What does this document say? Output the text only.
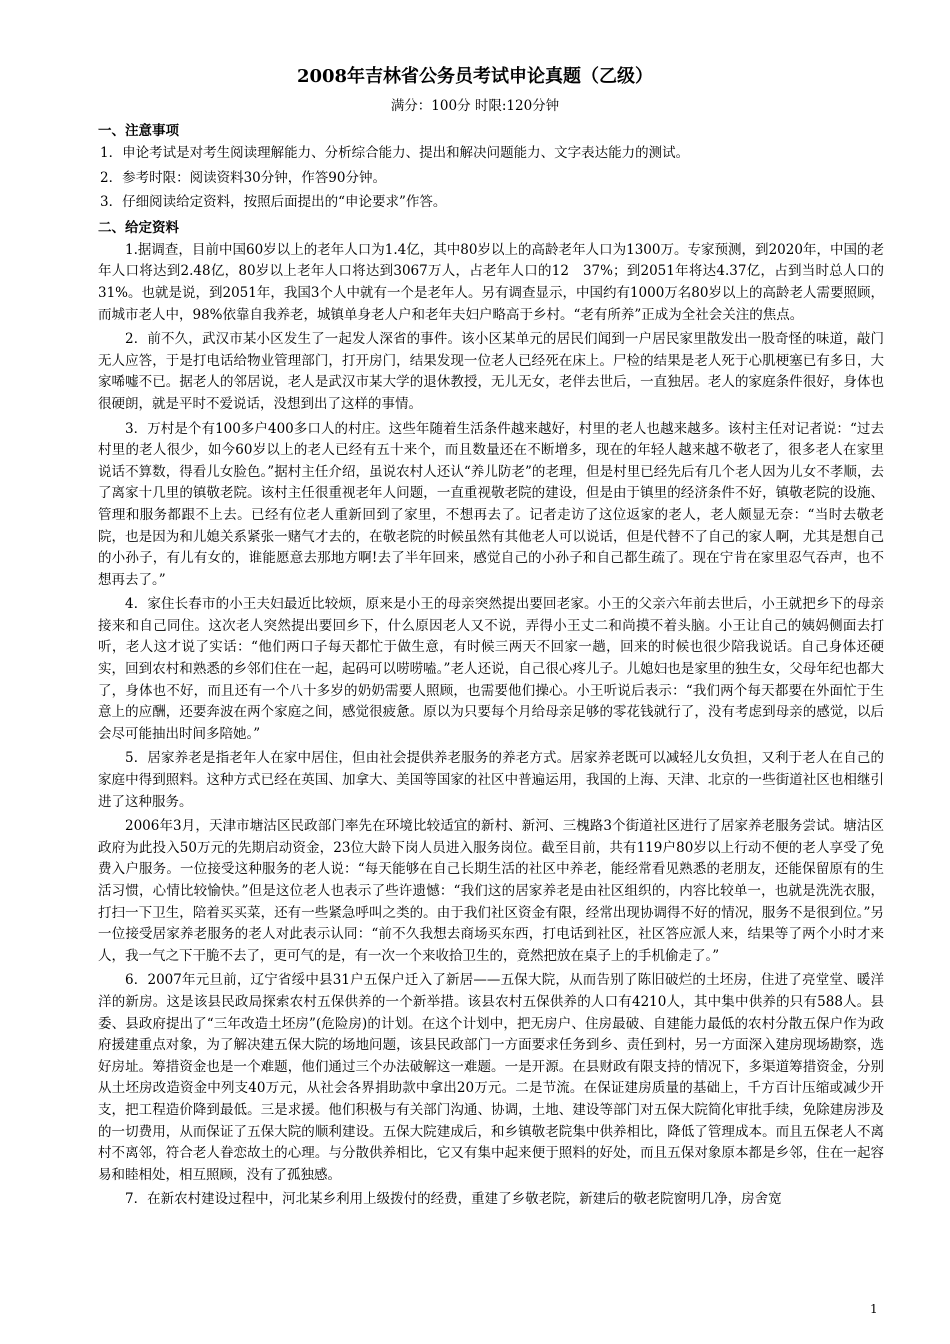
2008年吉林省公务员考试申论真题（乙级）
满分：100分 时限:120分钟
一、注意事项

1．申论考试是对考生阅读理解能力、分析综合能力、提出和解决问题能力、文字表达能力的测试。

2．参考时限：阅读资料30分钟，作答90分钟。

3．仔细阅读给定资料，按照后面提出的“申论要求”作答。

二、给定资料

1.据调查，目前中国60岁以上的老年人口为1.4亿，其中80岁以上的高龄老年人口为1300万。专家预测，到2020年，中国的老年人口将达到2.48亿，80岁以上老年人口将达到3067万人，占老年人口的12　37%；到2051年将达4.37亿，占到当时总人口的31%。也就是说，到2051年，我国3个人中就有一个是老年人。另有调查显示，中国约有1000万名80岁以上的高龄老人需要照顾，而城市老人中，98%依靠自我养老，城镇单身老人户和老年夫妇户略高于乡村。“老有所养”正成为全社会关注的焦点。

2．前不久，武汉市某小区发生了一起发人深省的事件。该小区某单元的居民们闻到一户居民家里散发出一股奇怪的味道，敲门无人应答，于是打电话给物业管理部门，打开房门，结果发现一位老人已经死在床上。尸检的结果是老人死于心肌梗塞已有多日，大家唏嘘不已。据老人的邻居说，老人是武汉市某大学的退休教授，无儿无女，老伴去世后，一直独居。老人的家庭条件很好，身体也很硬朗，就是平时不爱说话，没想到出了这样的事情。

3．万村是个有100多户400多口人的村庄。这些年随着生活条件越来越好，村里的老人也越来越多。该村主任对记者说：“过去村里的老人很少，如今60岁以上的老人已经有五十来个，而且数量还在不断增多，现在的年轻人越来越不敬老了，很多老人在家里说话不算数，得看儿女脸色。”据村主任介绍，虽说农村人还认“养儿防老”的老理，但是村里已经先后有几个老人因为儿女不孝顺，去了离家十几里的镇敬老院。该村主任很重视老年人问题，一直重视敬老院的建设，但是由于镇里的经济条件不好，镇敬老院的设施、管理和服务都跟不上去。已经有位老人重新回到了家里，不想再去了。记者走访了这位返家的老人，老人颇显无奈：“当时去敬老院，也是因为和儿媳关系紧张一赌气才去的，在敬老院的时候虽然有其他老人可以说话，但是代替不了自己的家人啊，尤其是想自己的小孙子，有儿有女的，谁能愿意去那地方啊!去了半年回来，感觉自己的小孙子和自己都生疏了。现在宁肯在家里忍气吞声，也不想再去了。”

4．家住长春市的小王夫妇最近比较烦，原来是小王的母亲突然提出要回老家。小王的父亲六年前去世后，小王就把乡下的母亲接来和自己同住。这次老人突然提出要回乡下，什么原因老人又不说，弄得小王丈二和尚摸不着头脑。小王让自己的姨妈侧面去打听，老人这才说了实话：“他们两口子每天都忙于做生意，有时候三两天不回家一趟，回来的时候也很少陪我说话。自己身体还硬实，回到农村和熟悉的乡邻们住在一起，起码可以唠唠嗑。”老人还说，自己很心疼儿子。儿媳妇也是家里的独生女，父母年纪也都大了，身体也不好，而且还有一个八十多岁的奶奶需要人照顾，也需要他们操心。小王听说后表示：“我们两个每天都要在外面忙于生意上的应酬，还要奔波在两个家庭之间，感觉很疲惫。原以为只要每个月给母亲足够的零花钱就行了，没有考虑到母亲的感觉，以后会尽可能抽出时间多陪她。”

5．居家养老是指老年人在家中居住，但由社会提供养老服务的养老方式。居家养老既可以减轻儿女负担，又利于老人在自己的家庭中得到照料。这种方式已经在英国、加拿大、美国等国家的社区中普遍运用，我国的上海、天津、北京的一些街道社区也相继引进了这种服务。

2006年3月，天津市塘沽区民政部门率先在环境比较适宜的新村、新河、三槐路3个街道社区进行了居家养老服务尝试。塘沽区政府为此投入50万元的先期启动资金，23位大龄下岗人员进入服务岗位。截至目前，共有119户80岁以上行动不便的老人享受了免费入户服务。一位接受这种服务的老人说：“每天能够在自己长期生活的社区中养老，能经常看见熟悉的老朋友，还能保留原有的生活习惯，心情比较愉快。”但是这位老人也表示了些许遗憾：“我们这的居家养老是由社区组织的，内容比较单一，也就是洗洗衣服，打扫一下卫生，陪着买买菜，还有一些紧急呼叫之类的。由于我们社区资金有限，经常出现协调得不好的情况，服务不是很到位。”另一位接受居家养老服务的老人对此表示认同：“前不久我想去商场买东西，打电话到社区，社区答应派人来，结果等了两个小时才来人，我一气之下干脆不去了，更可气的是，有一次一个来收拾卫生的，竟然把放在桌子上的手机偷走了。”

6．2007年元旦前，辽宁省绥中县31户五保户迁入了新居——五保大院，从而告别了陈旧破烂的土坯房，住进了亮堂堂、暖洋洋的新房。这是该县民政局探索农村五保供养的一个新举措。该县农村五保供养的人口有4210人，其中集中供养的只有588人。县委、县政府提出了“三年改造土坯房”(危险房)的计划。在这个计划中，把无房户、住房最破、自建能力最低的农村分散五保户作为政府援建重点对象，为了解决建五保大院的场地问题，该县民政部门一方面要求任务到乡、责任到村，另一方面深入建房现场勘察，选好房址。筹措资金也是一个难题，他们通过三个办法破解这一难题。一是开源。在县财政有限支持的情况下，多渠道筹措资金，分别从土坯房改造资金中列支40万元，从社会各界捐助款中拿出20万元。二是节流。在保证建房质量的基础上，千方百计压缩或减少开支，把工程造价降到最低。三是求援。他们积极与有关部门沟通、协调，土地、建设等部门对五保大院简化审批手续，免除建房涉及的一切费用，从而保证了五保大院的顺利建设。五保大院建成后，和乡镇敬老院集中供养相比，降低了管理成本。而且五保老人不离村不离邻，符合老人眷恋故土的心理。与分散供养相比，它又有集中起来便于照料的好处，而且五保对象原本都是乡邻，住在一起容易和睦相处，相互照顾，没有了孤独感。

7．在新农村建设过程中，河北某乡利用上级拨付的经费，重建了乡敬老院，新建后的敬老院窗明几净，房舍宽

1
